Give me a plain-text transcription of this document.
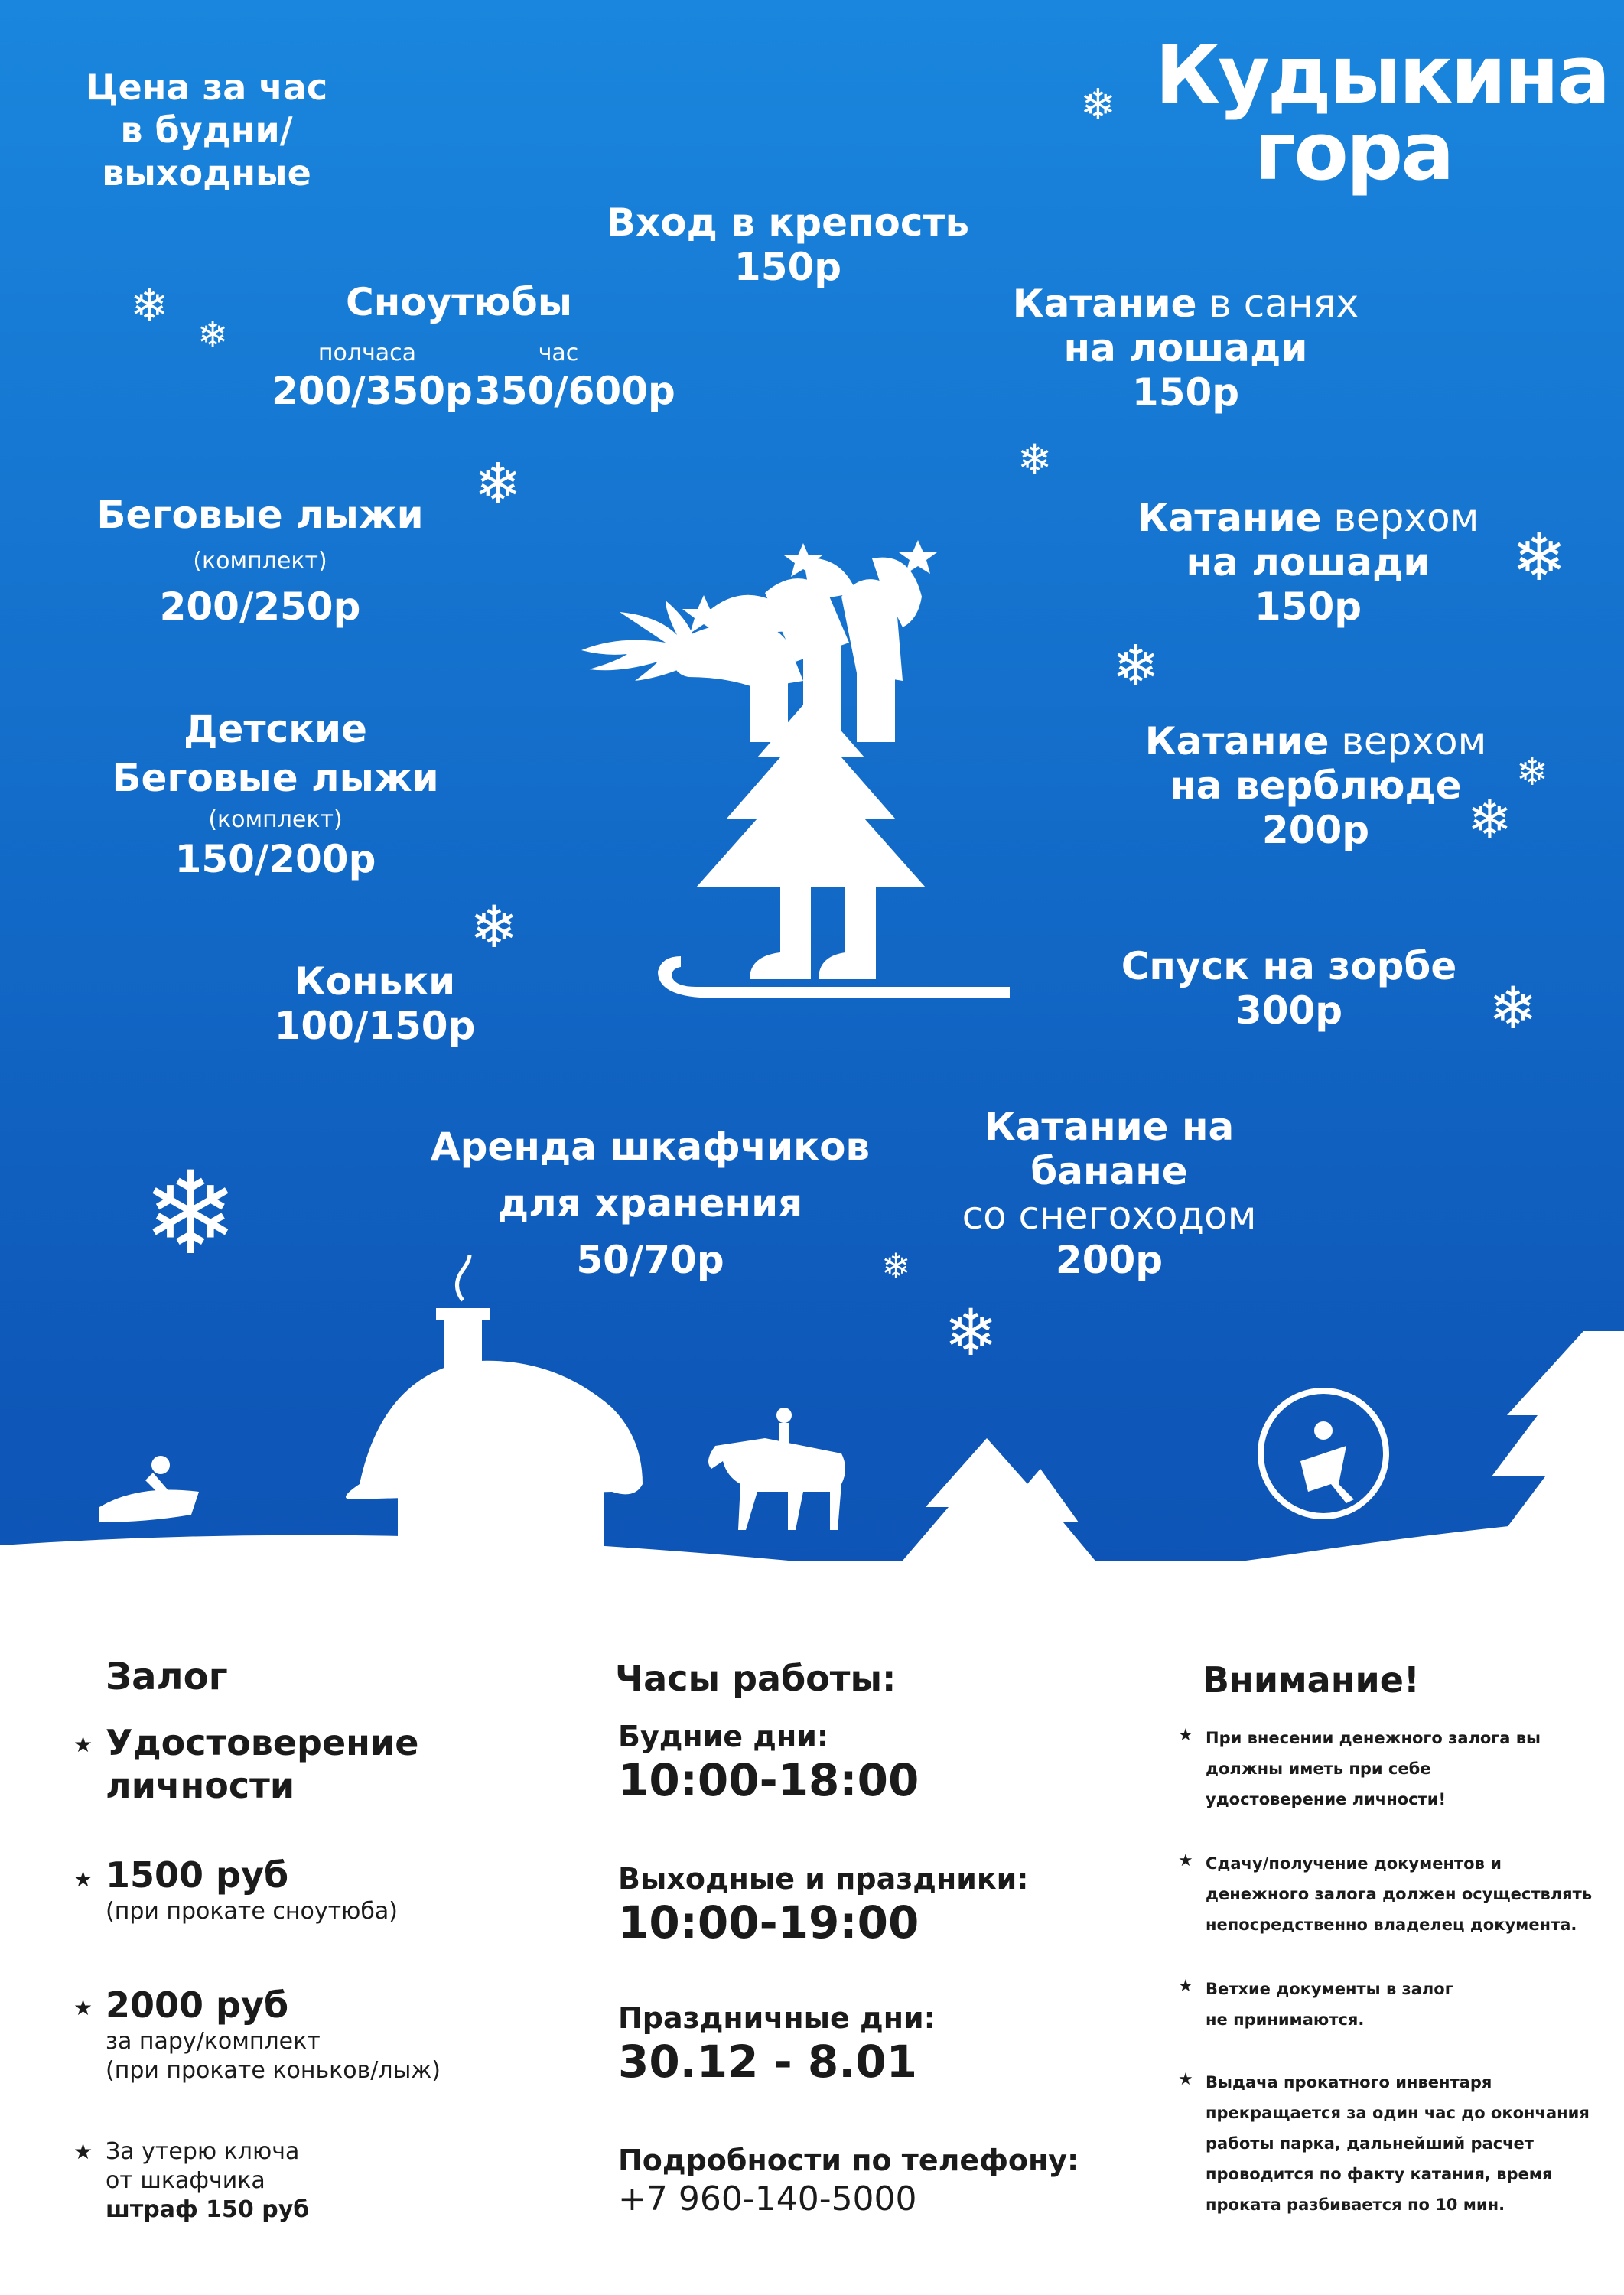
Кудыкина
гора
Цена за час
в будни/
выходные
Вход в крепость
150р
Сноутюбы
полчаса	час
200/350р 350/600р
Катание в санях
на лошади
150р
Беговые лыжи
(комплект)
200/250р
Катание верхом
на лошади
150р
Детские
Беговые лыжи
(комплект)
150/200р
Катание верхом
на верблюде
200р
Коньки
100/150р
Спуск на зорбе
300р
Аренда шкафчиков
для хранения
50/70р
Катание на банане
со снегоходом
200р
❄
❄
❄
❄	❄
❄
❄
❄
❄
❄
❄
❄	❄
❄
Залог
★ Удостоверение
личности
★ 1500 руб
(при прокате сноутюба)
★ 2000 руб
за пару/комплект
(при прокате коньков/лыж)
★ За утерю ключа
от шкафчика
штраф 150 руб
Часы работы:
Будние дни:
10:00-18:00
Выходные и праздники:
10:00-19:00
Праздничные дни:
30.12 - 8.01
Подробности по телефону:
+7 960-140-5000
Внимание!
★ При внесении денежного залога вы
должны иметь при себе
удостоверение личности!
★ Сдачу/получение документов и
денежного залога должен осуществлять
непосредственно владелец документа.
★ Ветхие документы в залог
не принимаются.
★ Выдача прокатного инвентаря
прекращается за один час до окончания
работы парка, дальнейший расчет
проводится по факту катания, время
проката разбивается по 10 мин.
